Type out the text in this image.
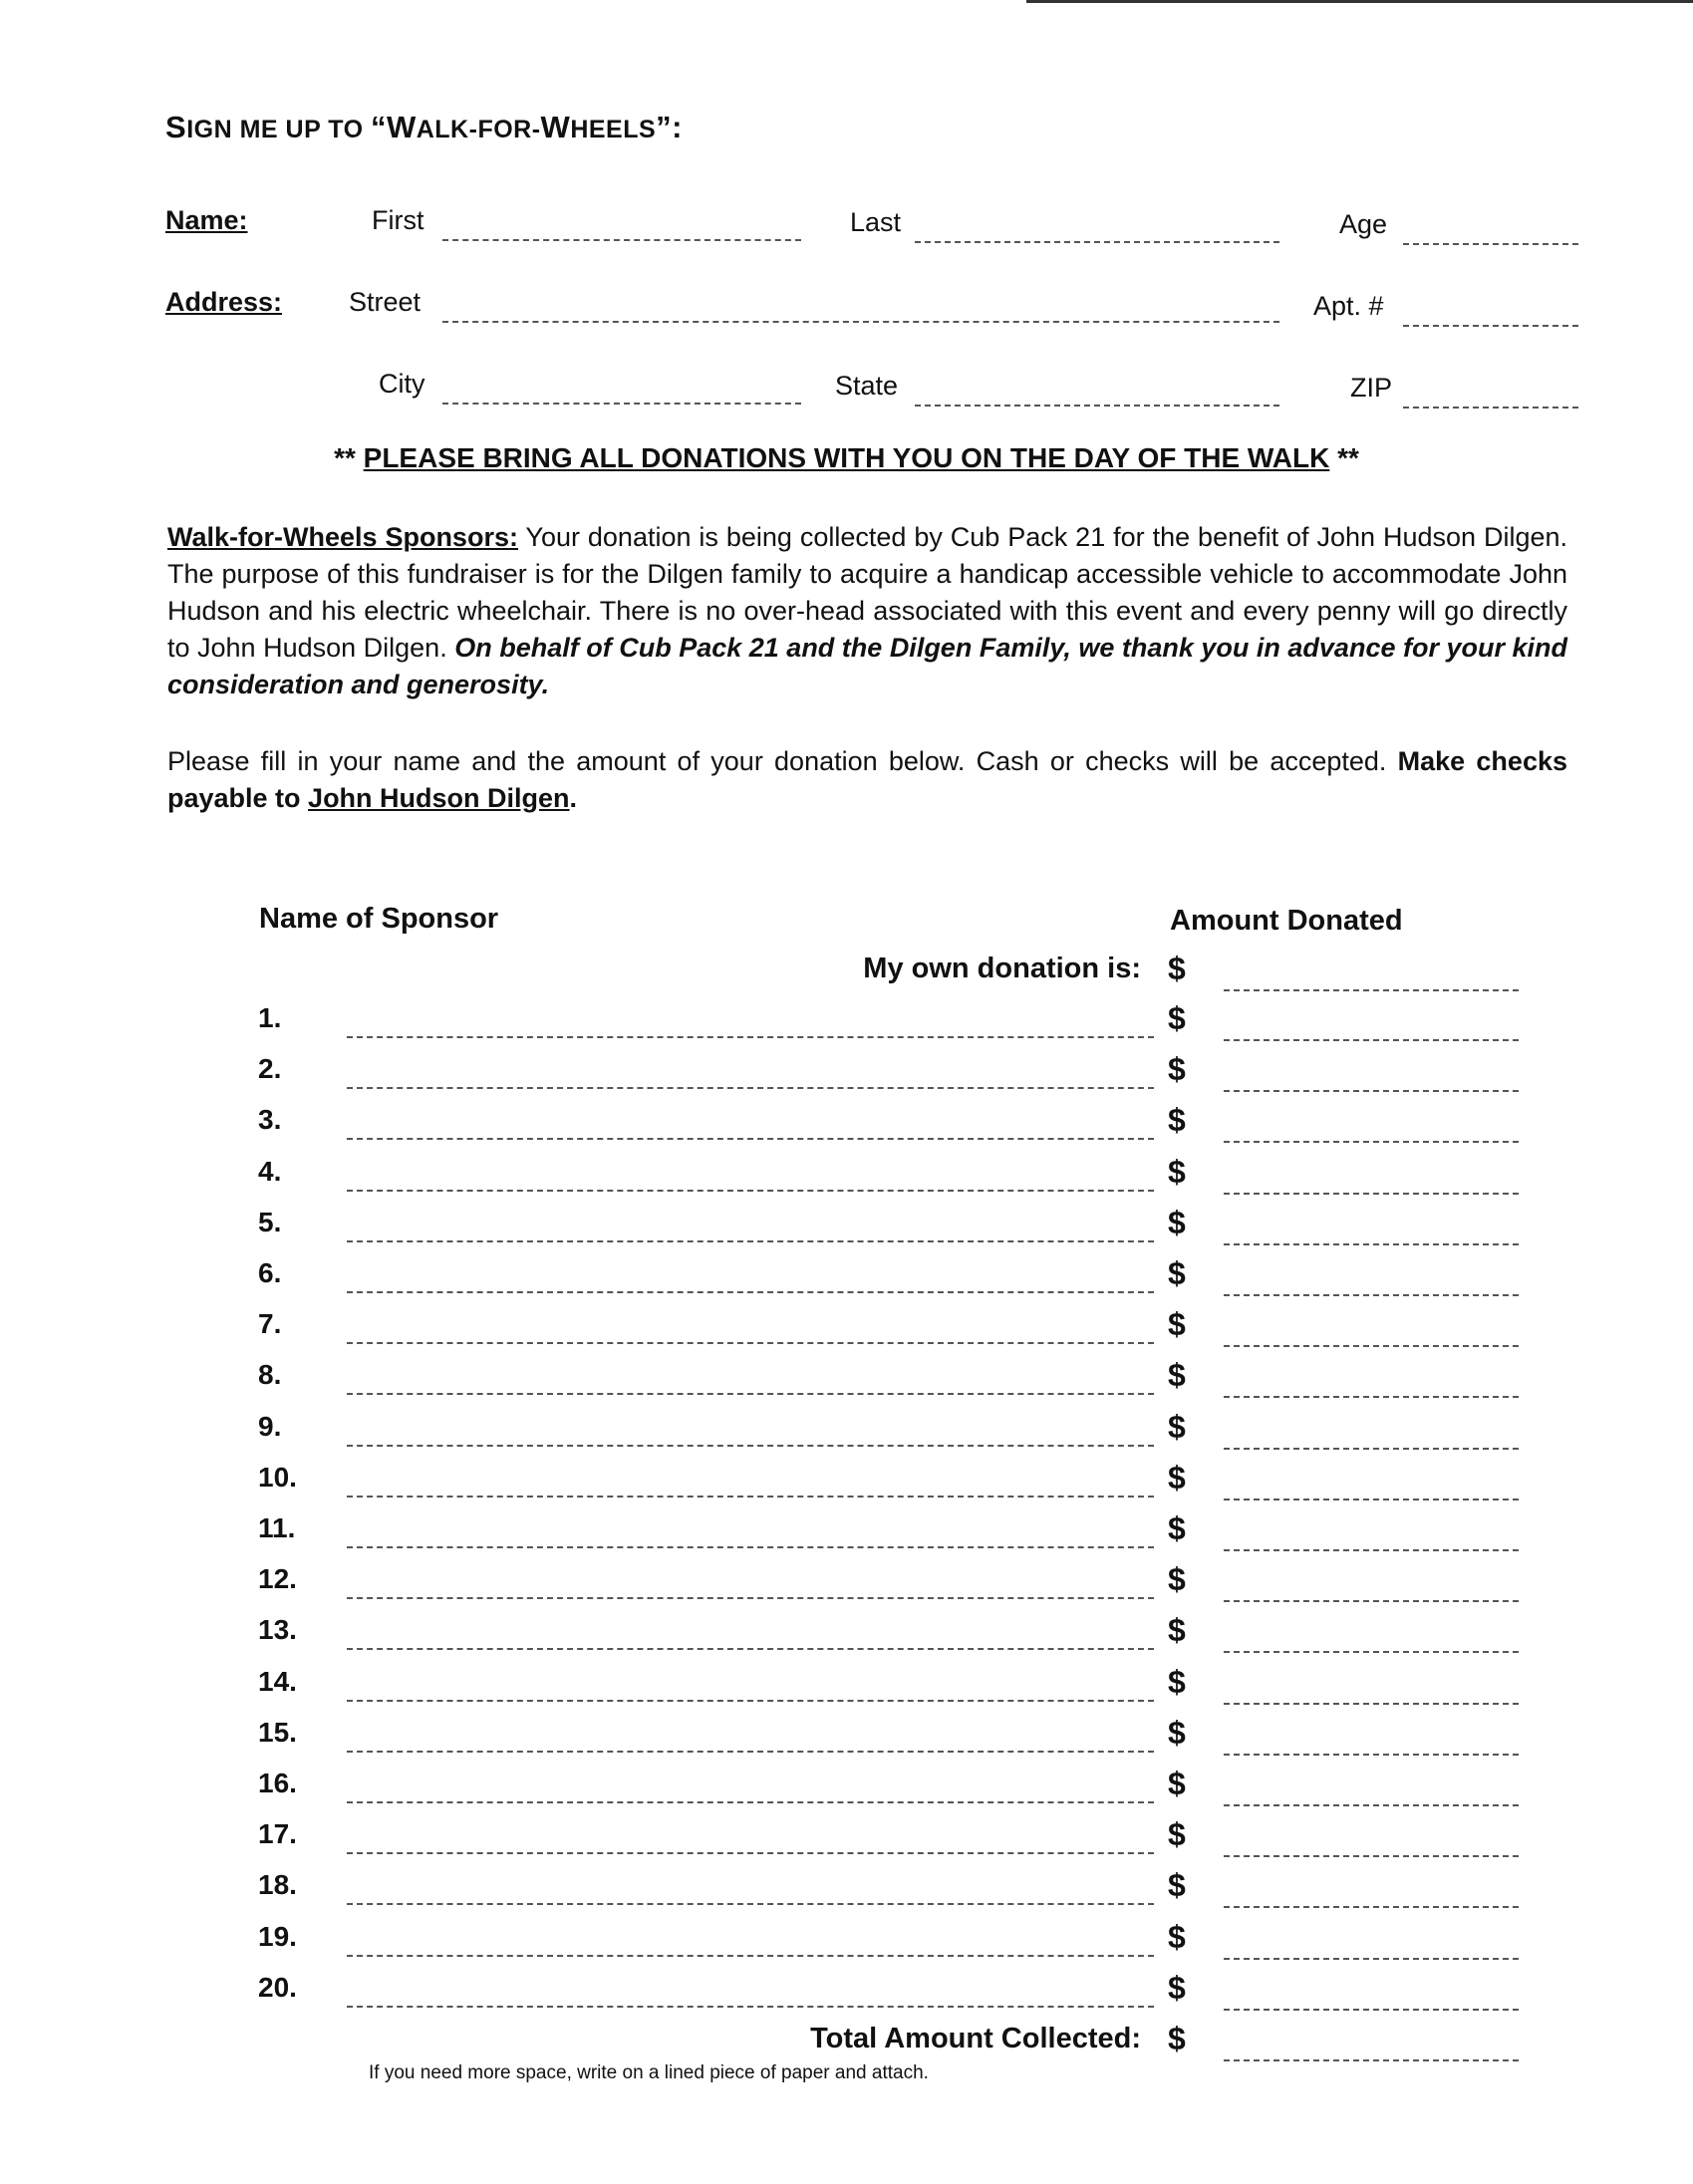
SIGN ME UP TO “WALK-FOR-WHEELS”:
Name:	First	Last	Age
Address: Street	Apt. #
City	State	ZIP
** PLEASE BRING ALL DONATIONS WITH YOU ON THE DAY OF THE WALK **
Walk-for-Wheels Sponsors: Your donation is being collected by Cub Pack 21 for the benefit of John Hudson Dilgen. The purpose of this fundraiser is for the Dilgen family to acquire a handicap accessible vehicle to accommodate John Hudson and his electric wheelchair. There is no over-head associated with this event and every penny will go directly to John Hudson Dilgen. On behalf of Cub Pack 21 and the Dilgen Family, we thank you in advance for your kind consideration and generosity.
Please fill in your name and the amount of your donation below. Cash or checks will be accepted. Make checks payable to John Hudson Dilgen.
Name of Sponsor	Amount Donated
My own donation is: $
1.	$
2.	$
3.	$
4.	$
5.	$
6.	$
7.	$
8.	$
9.	$
10.	$
11.	$
12.	$
13.	$
14.	$
15.	$
16.	$
17.	$
18.	$
19.	$
20.	$
Total Amount Collected: $
If you need more space, write on a lined piece of paper and attach.
